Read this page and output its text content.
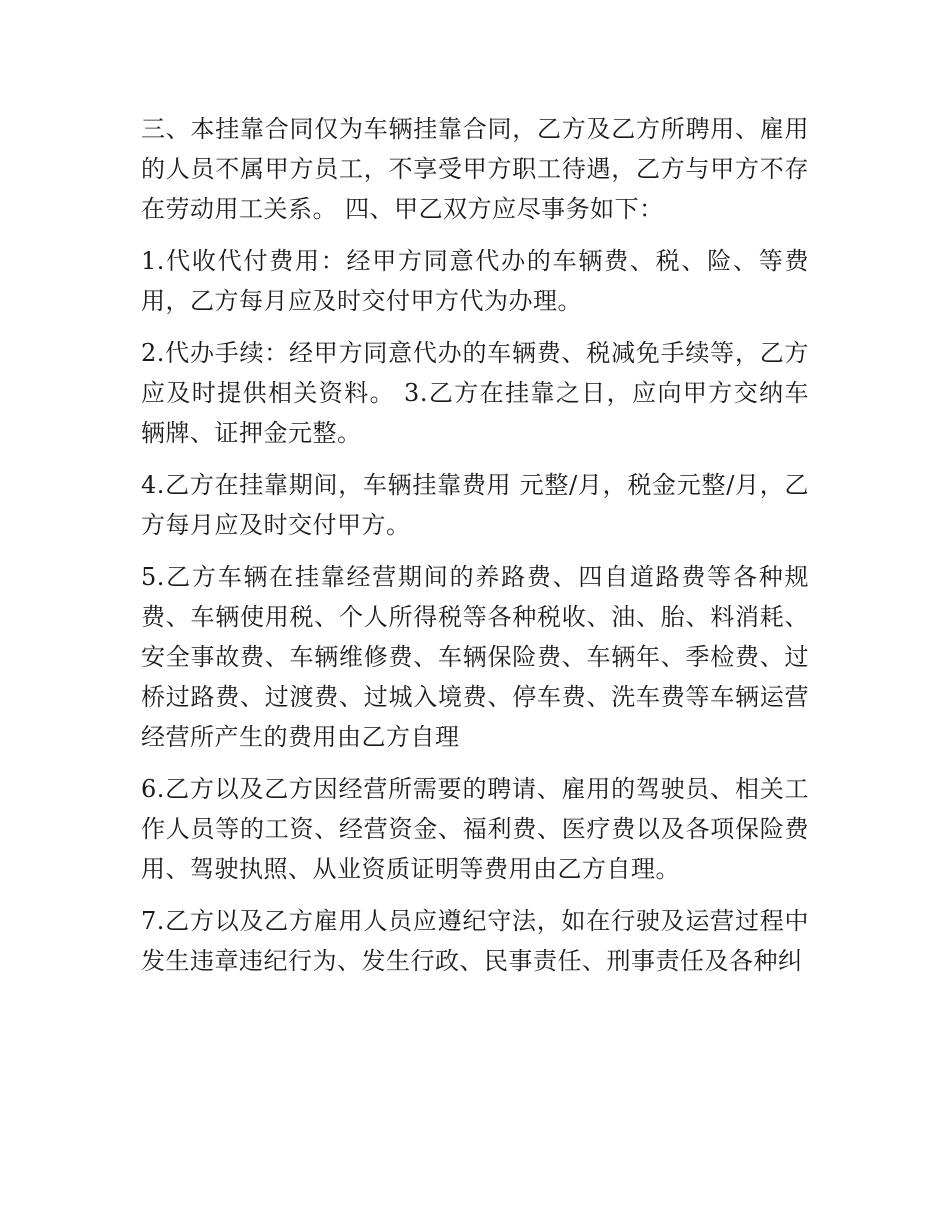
三、本挂靠合同仅为车辆挂靠合同，乙方及乙方所聘用、雇用的人员不属甲方员工，不享受甲方职工待遇，乙方与甲方不存在劳动用工关系。 四、甲乙双方应尽事务如下：

1.代收代付费用：经甲方同意代办的车辆费、税、险、等费用，乙方每月应及时交付甲方代为办理。

2.代办手续：经甲方同意代办的车辆费、税减免手续等，乙方应及时提供相关资料。 3.乙方在挂靠之日，应向甲方交纳车辆牌、证押金元整。

4.乙方在挂靠期间，车辆挂靠费用 元整/月，税金元整/月，乙方每月应及时交付甲方。

5.乙方车辆在挂靠经营期间的养路费、四自道路费等各种规费、车辆使用税、个人所得税等各种税收、油、胎、料消耗、安全事故费、车辆维修费、车辆保险费、车辆年、季检费、过桥过路费、过渡费、过城入境费、停车费、洗车费等车辆运营经营所产生的费用由乙方自理

6.乙方以及乙方因经营所需要的聘请、雇用的驾驶员、相关工作人员等的工资、经营资金、福利费、医疗费以及各项保险费用、驾驶执照、从业资质证明等费用由乙方自理。

7.乙方以及乙方雇用人员应遵纪守法，如在行驶及运营过程中发生违章违纪行为、发生行政、民事责任、刑事责任及各种纠
